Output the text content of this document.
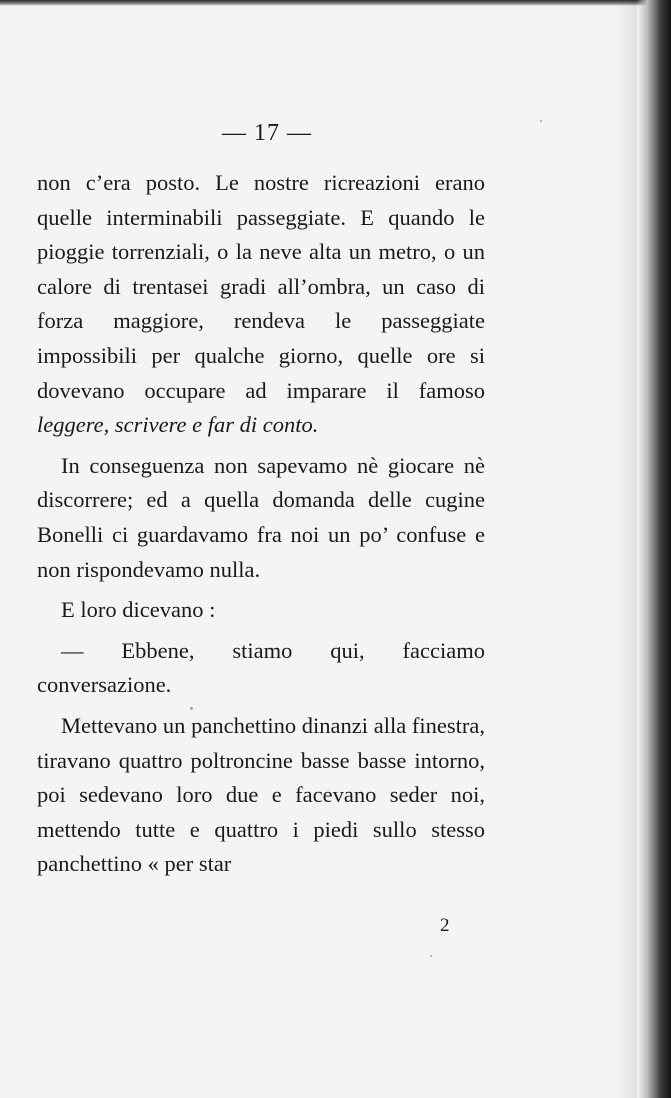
— 17 —

non c’era posto. Le nostre ricreazioni erano quelle interminabili passeggiate. E quando le pioggie torrenziali, o la neve alta un metro, o un calore di trentasei gradi all’ombra, un caso di forza maggiore, rendeva le passeggiate impossibili per qualche giorno, quelle ore si dovevano occupare ad imparare il famoso leggere, scrivere e far di conto.

In conseguenza non sapevamo nè giocare nè discorrere; ed a quella domanda delle cugine Bonelli ci guardavamo fra noi un po’ confuse e non rispondevamo nulla.

E loro dicevano :

— Ebbene, stiamo qui, facciamo conversazione.

Mettevano un panchettino dinanzi alla finestra, tiravano quattro poltroncine basse basse intorno, poi sedevano loro due e facevano seder noi, mettendo tutte e quattro i piedi sullo stesso panchettino « per star

2
